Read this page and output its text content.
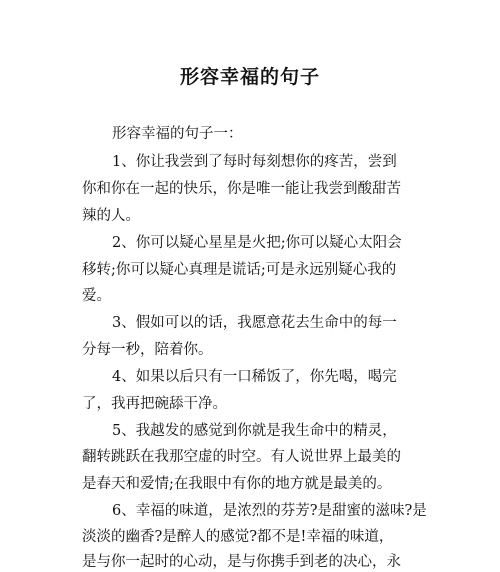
形容幸福的句子
形容幸福的句子一：
1、你让我尝到了每时每刻想你的疼苦，尝到
你和你在一起的快乐，你是唯一能让我尝到酸甜苦
辣的人。
2、你可以疑心星星是火把;你可以疑心太阳会
移转;你可以疑心真理是谎话;可是永远别疑心我的
爱。
3、假如可以的话，我愿意花去生命中的每一
分每一秒，陪着你。
4、如果以后只有一口稀饭了，你先喝，喝完
了，我再把碗舔干净。
5、我越发的感觉到你就是我生命中的精灵，
翻转跳跃在我那空虚的时空。有人说世界上最美的
是春天和爱情;在我眼中有你的地方就是最美的。
6、幸福的味道，是浓烈的芬芳?是甜蜜的滋味?是
淡淡的幽香?是醉人的感觉?都不是!幸福的味道，
是与你一起时的心动，是与你携手到老的决心，永
